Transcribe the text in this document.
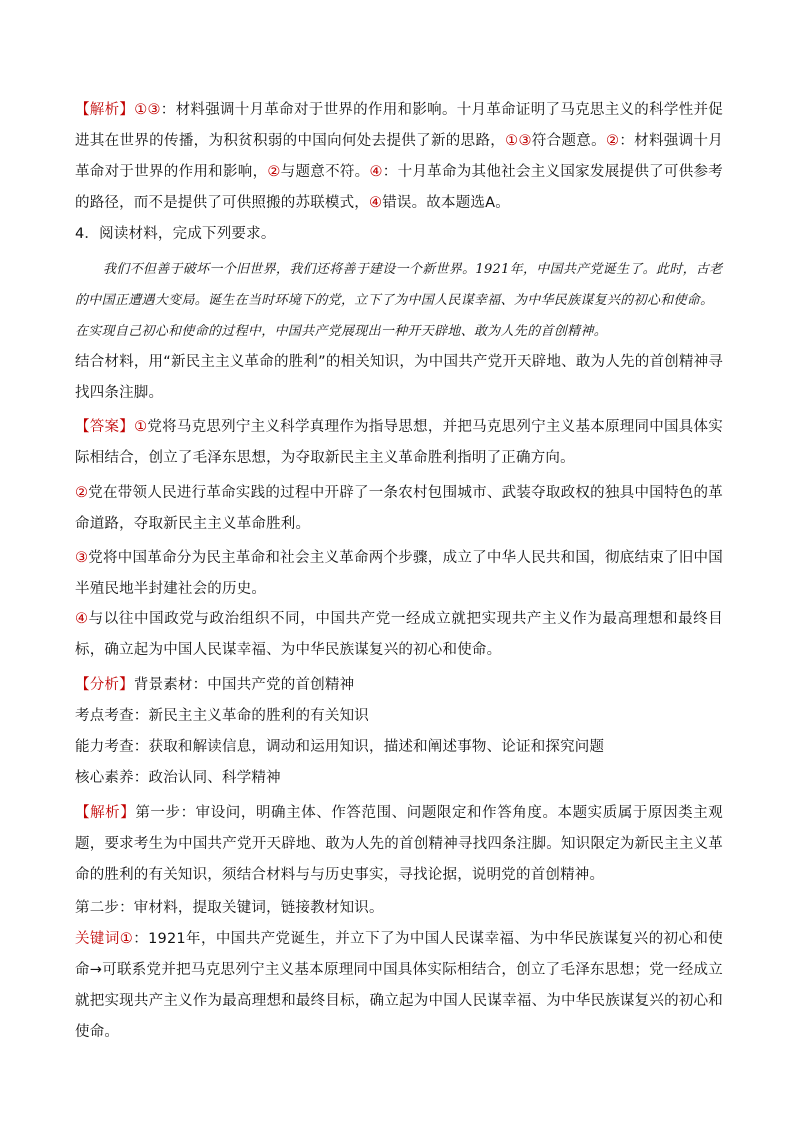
【解析】①③：材料强调十月革命对于世界的作用和影响。十月革命证明了马克思主义的科学性并促进其在世界的传播，为积贫积弱的中国向何处去提供了新的思路，①③符合题意。②：材料强调十月革命对于世界的作用和影响，②与题意不符。④：十月革命为其他社会主义国家发展提供了可供参考的路径，而不是提供了可供照搬的苏联模式，④错误。故本题选A。

4．阅读材料，完成下列要求。

我们不但善于破坏一个旧世界，我们还将善于建设一个新世界。1921年，中国共产党诞生了。此时，古老的中国正遭遇大变局。诞生在当时环境下的党，立下了为中国人民谋幸福、为中华民族谋复兴的初心和使命。在实现自己初心和使命的过程中，中国共产党展现出一种开天辟地、敢为人先的首创精神。

结合材料，用“新民主主义革命的胜利”的相关知识，为中国共产党开天辟地、敢为人先的首创精神寻找四条注脚。

【答案】①党将马克思列宁主义科学真理作为指导思想，并把马克思列宁主义基本原理同中国具体实际相结合，创立了毛泽东思想，为夺取新民主主义革命胜利指明了正确方向。

②党在带领人民进行革命实践的过程中开辟了一条农村包围城市、武装夺取政权的独具中国特色的革命道路，夺取新民主主义革命胜利。

③党将中国革命分为民主革命和社会主义革命两个步骤，成立了中华人民共和国，彻底结束了旧中国半殖民地半封建社会的历史。

④与以往中国政党与政治组织不同，中国共产党一经成立就把实现共产主义作为最高理想和最终目标，确立起为中国人民谋幸福、为中华民族谋复兴的初心和使命。

【分析】背景素材：中国共产党的首创精神

考点考查：新民主主义革命的胜利的有关知识

能力考查：获取和解读信息，调动和运用知识，描述和阐述事物、论证和探究问题

核心素养：政治认同、科学精神

【解析】第一步：审设问，明确主体、作答范围、问题限定和作答角度。本题实质属于原因类主观题，要求考生为中国共产党开天辟地、敢为人先的首创精神寻找四条注脚。知识限定为新民主主义革命的胜利的有关知识，须结合材料与与历史事实，寻找论据，说明党的首创精神。

第二步：审材料，提取关键词，链接教材知识。

关键词①：1921年，中国共产党诞生，并立下了为中国人民谋幸福、为中华民族谋复兴的初心和使命→可联系党并把马克思列宁主义基本原理同中国具体实际相结合，创立了毛泽东思想；党一经成立就把实现共产主义作为最高理想和最终目标，确立起为中国人民谋幸福、为中华民族谋复兴的初心和使命。
